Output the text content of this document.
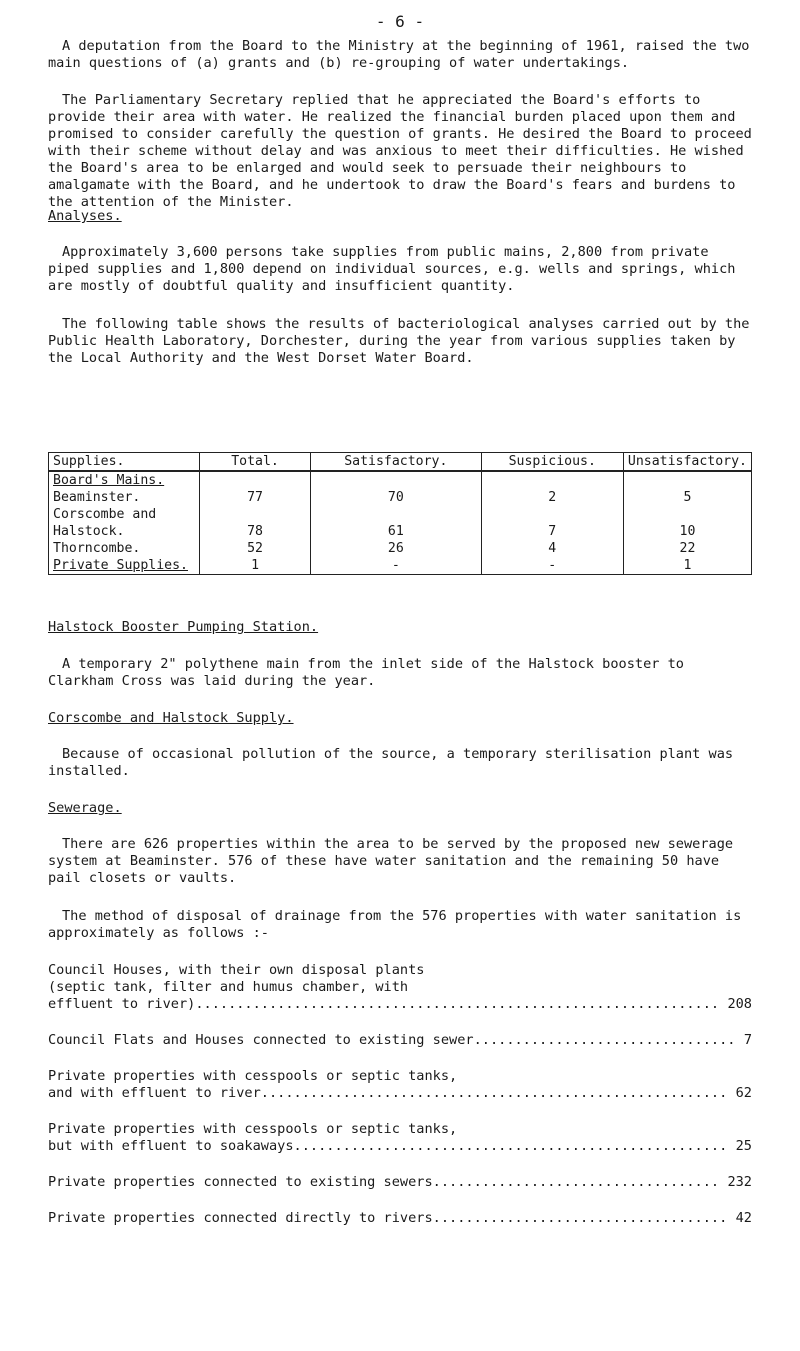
- 6 -

A deputation from the Board to the Ministry at the beginning of 1961, raised the two main questions of (a) grants and (b) re-grouping of water undertakings.

The Parliamentary Secretary replied that he appreciated the Board's efforts to provide their area with water. He realized the financial burden placed upon them and promised to consider carefully the question of grants. He desired the Board to proceed with their scheme without delay and was anxious to meet their difficulties. He wished the Board's area to be enlarged and would seek to persuade their neighbours to amalgamate with the Board, and he undertook to draw the Board's fears and burdens to the attention of the Minister.

Analyses.

Approximately 3,600 persons take supplies from public mains, 2,800 from private piped supplies and 1,800 depend on individual sources, e.g. wells and springs, which are mostly of doubtful quality and insufficient quantity.

The following table shows the results of bacteriological analyses carried out by the Public Health Laboratory, Dorchester, during the year from various supplies taken by the Local Authority and the West Dorset Water Board.

Supplies.	Total.	Satisfactory.	Suspicious.	Unsatisfactory.
Board's Mains.				
Beaminster.	77	70	2	5
Corscombe and				
Halstock.	78	61	7	10
Thorncombe.	52	26	4	22
Private Supplies.	1	-	-	1
Halstock Booster Pumping Station.

A temporary 2" polythene main from the inlet side of the Halstock booster to Clarkham Cross was laid during the year.

Corscombe and Halstock Supply.

Because of occasional pollution of the source, a temporary sterilisation plant was installed.

Sewerage.

There are 626 properties within the area to be served by the proposed new sewerage system at Beaminster. 576 of these have water sanitation and the remaining 50 have pail closets or vaults.

The method of disposal of drainage from the 576 properties with water sanitation is approximately as follows :-

Council Houses, with their own disposal plants
(septic tank, filter and humus chamber, with
effluent to river) .....	208
Council Flats and Houses connected to existing sewer .....	7
Private properties with cesspools or septic tanks,
and with effluent to river .....	62
Private properties with cesspools or septic tanks,
but with effluent to soakaways .....	25
Private properties connected to existing sewers .....	232
Private properties connected directly to rivers .....	42
